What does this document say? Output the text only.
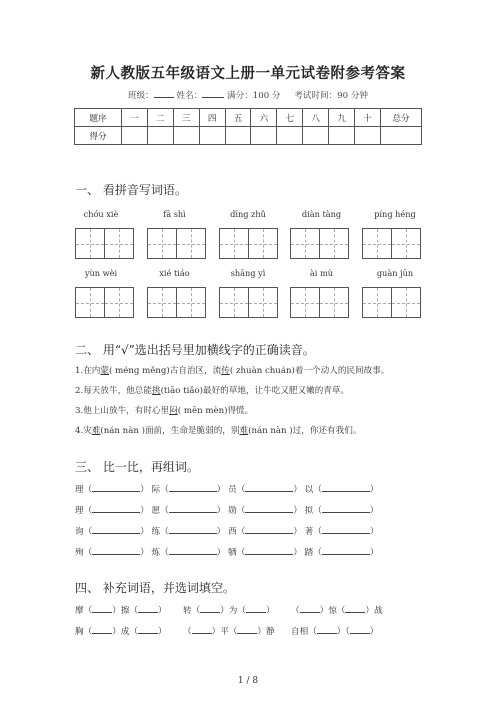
新人教版五年级语文上册一单元试卷附参考答案
班级：	姓名：	满分：100 分 考试时间：90 分钟
题序	一	二	三	四	五	六	七	八	九	十	总分
得分											
一、 看拼音写词语。
chóu xiè	fā shì	dīng zhǔ	diàn tàng	píng héng
yùn wèi	xié tiáo	shāng yì	ài mù	guàn jūn
二、 用“√”选出括号里加横线字的正确读音。
1.在内蒙( méng měng)古自治区，流传( zhuàn chuán)着一个动人的民间故事。
2.每天放牛，他总能挑(tiāo tiǎo)最好的草地，让牛吃又肥又嫩的青草。
3.他上山放牛，有时心里闷( mēn mèn)得慌。
4.灾难(nán nàn )面前，生命是脆弱的，别难(nán nàn )过，你还有我们。
三、 比一比，再组词。
理（	） 际（	） 员（	） 以（	）
理（	） 愿（	） 勋（	） 拟（	）
询（	） 练（	） 西（	） 著（	）
殉（	） 炼（	） 牺（	） 踏（	）
四、 补充词语，并选词填空。
摩（ ）擦（ ） 转（ ）为（ ） （ ）惊（ ）战
胸（ ）成（ ） （ ）平（ ）静 自相（ ）（ ）
1 / 8
